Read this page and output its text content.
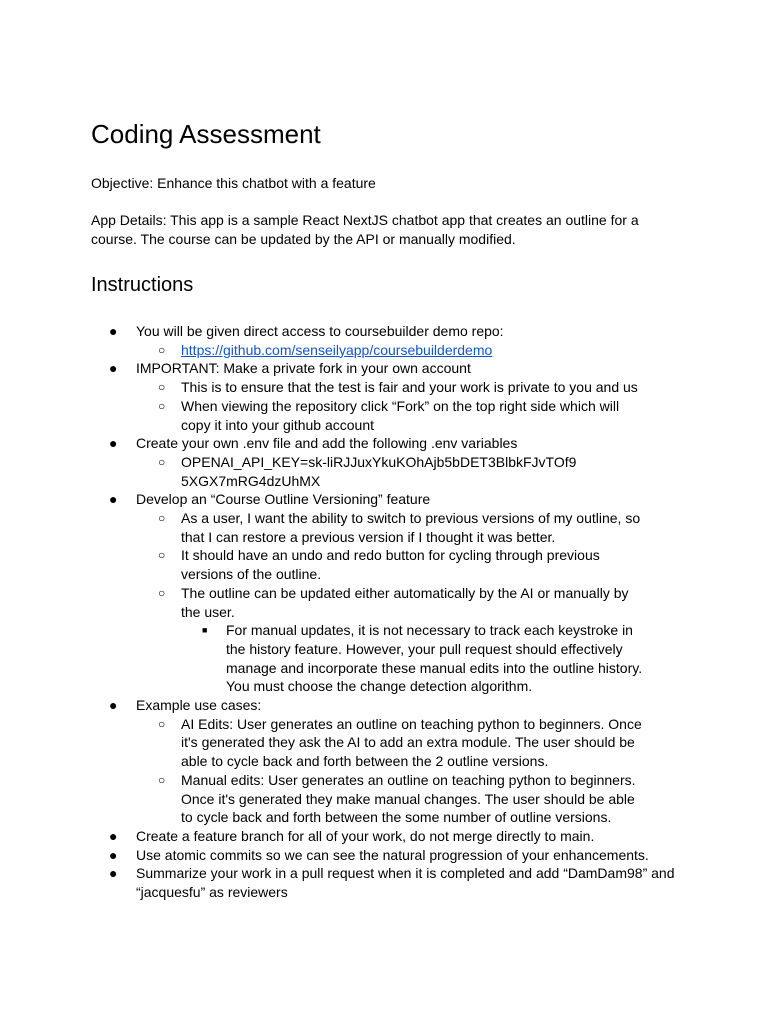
Coding Assessment

Objective: Enhance this chatbot with a feature

App Details: This app is a sample React NextJS chatbot app that creates an outline for a course. The course can be updated by the API or manually modified.

Instructions
● You will be given direct access to coursebuilder demo repo:
○ https://github.com/senseilyapp/coursebuilderdemo
● IMPORTANT: Make a private fork in your own account
○ This is to ensure that the test is fair and your work is private to you and us
○ When viewing the repository click “Fork” on the top right side which will copy it into your github account
● Create your own .env file and add the following .env variables
○ OPENAI_API_KEY=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
● Develop an “Course Outline Versioning” feature
○ As a user, I want the ability to switch to previous versions of my outline, so that I can restore a previous version if I thought it was better.
○ It should have an undo and redo button for cycling through previous versions of the outline.
○ The outline can be updated either automatically by the AI or manually by the user.
■ For manual updates, it is not necessary to track each keystroke in the history feature. However, your pull request should effectively manage and incorporate these manual edits into the outline history. You must choose the change detection algorithm.
● Example use cases:
○ AI Edits: User generates an outline on teaching python to beginners. Once it's generated they ask the AI to add an extra module. The user should be able to cycle back and forth between the 2 outline versions.
○ Manual edits: User generates an outline on teaching python to beginners. Once it's generated they make manual changes. The user should be able to cycle back and forth between the some number of outline versions.
● Create a feature branch for all of your work, do not merge directly to main.
● Use atomic commits so we can see the natural progression of your enhancements.
● Summarize your work in a pull request when it is completed and add “DamDam98” and “jacquesfu” as reviewers
